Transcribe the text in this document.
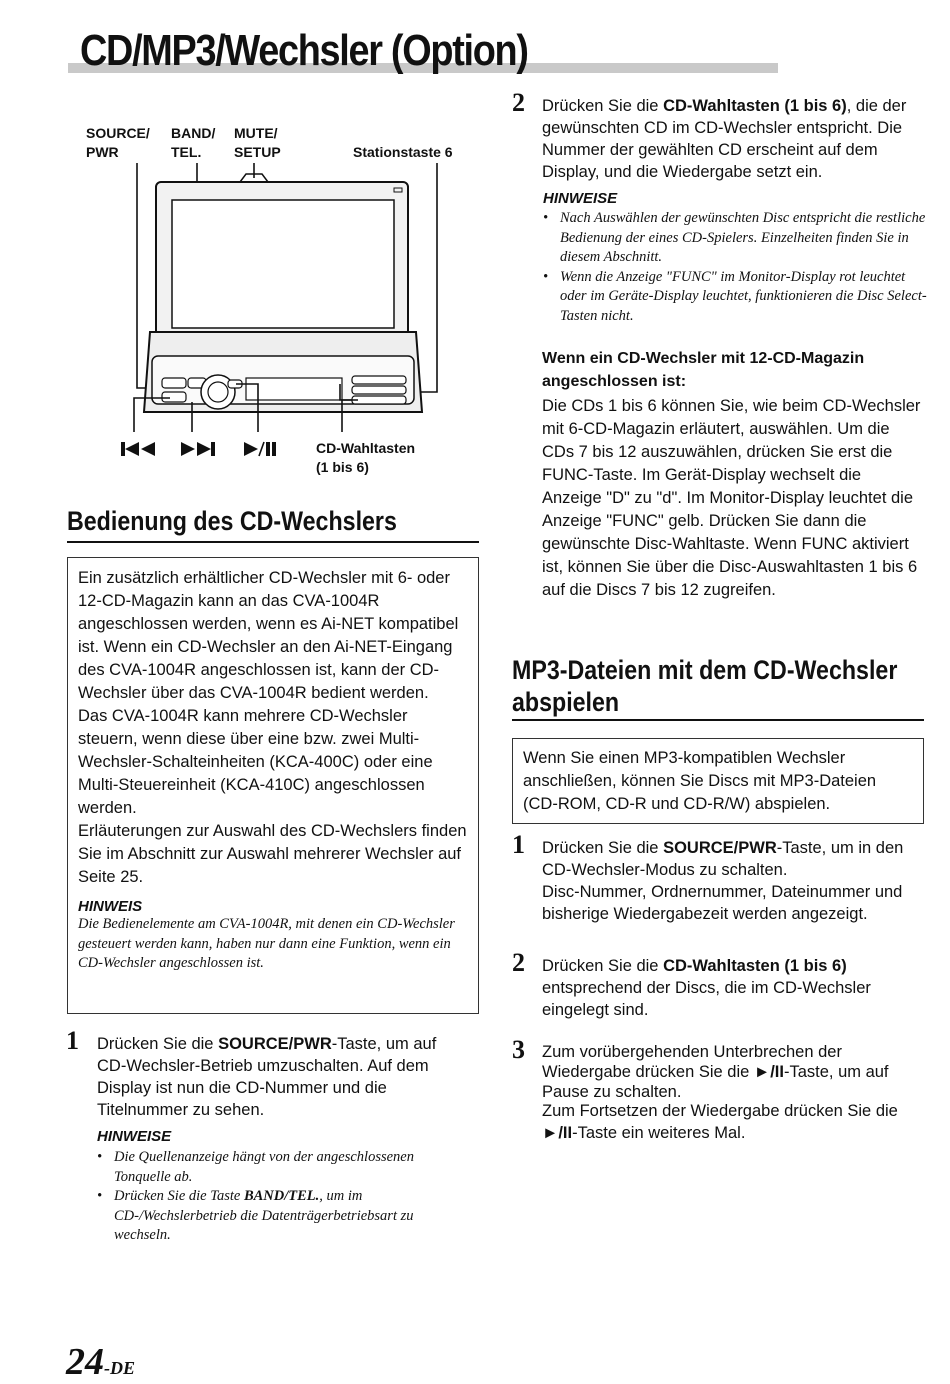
CD/MP3/Wechsler (Option)
SOURCE/
PWR
BAND/
TEL.
MUTE/
SETUP	Stationstaste 6
CD-Wahltasten
(1 bis 6)
Bedienung des CD-Wechslers
Ein zusätzlich erhältlicher CD-Wechsler mit 6- oder 12-CD-Magazin kann an das CVA-1004R angeschlossen werden, wenn es Ai-NET kompatibel ist. Wenn ein CD-Wechsler an den Ai-NET-Eingang des CVA-1004R angeschlossen ist, kann der CD-Wechsler über das CVA-1004R bedient werden.
Das CVA-1004R kann mehrere CD-Wechsler steuern, wenn diese über eine bzw. zwei Multi-Wechsler-Schalteinheiten (KCA-400C) oder eine Multi-Steuereinheit (KCA-410C) angeschlossen werden.
Erläuterungen zur Auswahl des CD-Wechslers finden Sie im Abschnitt zur Auswahl mehrerer Wechsler auf Seite 25.
HINWEIS
Die Bedienelemente am CVA-1004R, mit denen ein CD-Wechsler gesteuert werden kann, haben nur dann eine Funktion, wenn ein CD-Wechsler angeschlossen ist.
1 Drücken Sie die SOURCE/PWR-Taste, um auf CD-Wechsler-Betrieb umzuschalten. Auf dem Display ist nun die CD-Nummer und die Titelnummer zu sehen.
HINWEISE
• Die Quellenanzeige hängt von der angeschlossenen Tonquelle ab.
• Drücken Sie die Taste BAND/TEL., um im CD-/Wechslerbetrieb die Datenträgerbetriebsart zu wechseln.
2 Drücken Sie die CD-Wahltasten (1 bis 6), die der gewünschten CD im CD-Wechsler entspricht. Die Nummer der gewählten CD erscheint auf dem Display, und die Wiedergabe setzt ein.
HINWEISE
• Nach Auswählen der gewünschten Disc entspricht die restliche Bedienung der eines CD-Spielers. Einzelheiten finden Sie in diesem Abschnitt.
• Wenn die Anzeige "FUNC" im Monitor-Display rot leuchtet oder im Geräte-Display leuchtet, funktionieren die Disc Select-Tasten nicht.
Wenn ein CD-Wechsler mit 12-CD-Magazin angeschlossen ist:
Die CDs 1 bis 6 können Sie, wie beim CD-Wechsler mit 6-CD-Magazin erläutert, auswählen. Um die CDs 7 bis 12 auszuwählen, drücken Sie erst die FUNC-Taste. Im Gerät-Display wechselt die Anzeige "D" zu "d". Im Monitor-Display leuchtet die Anzeige "FUNC" gelb. Drücken Sie dann die gewünschte Disc-Wahltaste. Wenn FUNC aktiviert ist, können Sie über die Disc-Auswahltasten 1 bis 6 auf die Discs 7 bis 12 zugreifen.
MP3-Dateien mit dem CD-Wechsler
abspielen
Wenn Sie einen MP3-kompatiblen Wechsler anschließen, können Sie Discs mit MP3-Dateien (CD-ROM, CD-R und CD-R/W) abspielen.
1 Drücken Sie die SOURCE/PWR-Taste, um in den CD-Wechsler-Modus zu schalten.
Disc-Nummer, Ordnernummer, Dateinummer und bisherige Wiedergabezeit werden angezeigt.
2 Drücken Sie die CD-Wahltasten (1 bis 6) entsprechend der Discs, die im CD-Wechsler eingelegt sind.
3 Zum vorübergehenden Unterbrechen der Wiedergabe drücken Sie die ►/II-Taste, um auf Pause zu schalten.
Zum Fortsetzen der Wiedergabe drücken Sie die ►/II-Taste ein weiteres Mal.
24-DE
